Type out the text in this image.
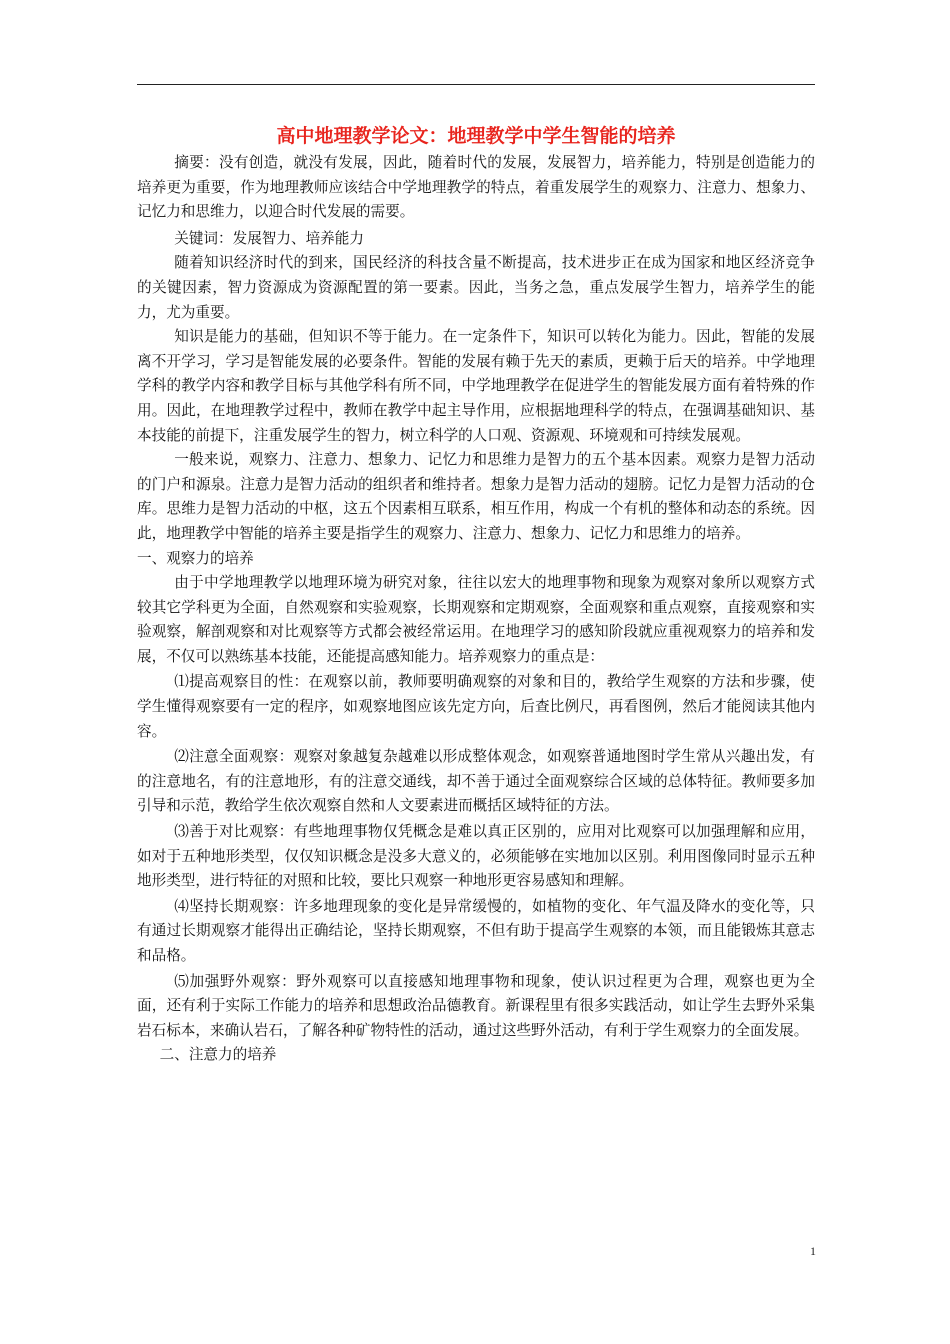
高中地理教学论文：地理教学中学生智能的培养

摘要：没有创造，就没有发展，因此，随着时代的发展，发展智力，培养能力，特别是创造能力的培养更为重要，作为地理教师应该结合中学地理教学的特点，着重发展学生的观察力、注意力、想象力、记忆力和思维力，以迎合时代发展的需要。

关键词：发展智力、培养能力

随着知识经济时代的到来，国民经济的科技含量不断提高，技术进步正在成为国家和地区经济竞争的关键因素，智力资源成为资源配置的第一要素。因此，当务之急，重点发展学生智力，培养学生的能力，尤为重要。

知识是能力的基础，但知识不等于能力。在一定条件下，知识可以转化为能力。因此，智能的发展离不开学习，学习是智能发展的必要条件。智能的发展有赖于先天的素质，更赖于后天的培养。中学地理学科的教学内容和教学目标与其他学科有所不同，中学地理教学在促进学生的智能发展方面有着特殊的作用。因此，在地理教学过程中，教师在教学中起主导作用，应根据地理科学的特点，在强调基础知识、基本技能的前提下，注重发展学生的智力，树立科学的人口观、资源观、环境观和可持续发展观。

一般来说，观察力、注意力、想象力、记忆力和思维力是智力的五个基本因素。观察力是智力活动的门户和源泉。注意力是智力活动的组织者和维持者。想象力是智力活动的翅膀。记忆力是智力活动的仓库。思维力是智力活动的中枢，这五个因素相互联系，相互作用，构成一个有机的整体和动态的系统。因此，地理教学中智能的培养主要是指学生的观察力、注意力、想象力、记忆力和思维力的培养。

一、观察力的培养

由于中学地理教学以地理环境为研究对象，往往以宏大的地理事物和现象为观察对象所以观察方式较其它学科更为全面，自然观察和实验观察，长期观察和定期观察，全面观察和重点观察，直接观察和实验观察，解剖观察和对比观察等方式都会被经常运用。在地理学习的感知阶段就应重视观察力的培养和发展，不仅可以熟练基本技能，还能提高感知能力。培养观察力的重点是：

⑴提高观察目的性：在观察以前，教师要明确观察的对象和目的，教给学生观察的方法和步骤，使学生懂得观察要有一定的程序，如观察地图应该先定方向，后查比例尺，再看图例，然后才能阅读其他内容。

⑵注意全面观察：观察对象越复杂越难以形成整体观念，如观察普通地图时学生常从兴趣出发，有的注意地名，有的注意地形，有的注意交通线，却不善于通过全面观察综合区域的总体特征。教师要多加引导和示范，教给学生依次观察自然和人文要素进而概括区域特征的方法。

⑶善于对比观察：有些地理事物仅凭概念是难以真正区别的，应用对比观察可以加强理解和应用，如对于五种地形类型，仅仅知识概念是没多大意义的，必须能够在实地加以区别。利用图像同时显示五种地形类型，进行特征的对照和比较，要比只观察一种地形更容易感知和理解。

⑷坚持长期观察：许多地理现象的变化是异常缓慢的，如植物的变化、年气温及降水的变化等，只有通过长期观察才能得出正确结论，坚持长期观察，不但有助于提高学生观察的本领，而且能锻炼其意志和品格。

⑸加强野外观察：野外观察可以直接感知地理事物和现象，使认识过程更为合理，观察也更为全面，还有利于实际工作能力的培养和思想政治品德教育。新课程里有很多实践活动，如让学生去野外采集岩石标本，来确认岩石，了解各种矿物特性的活动，通过这些野外活动，有利于学生观察力的全面发展。

二、注意力的培养

1
